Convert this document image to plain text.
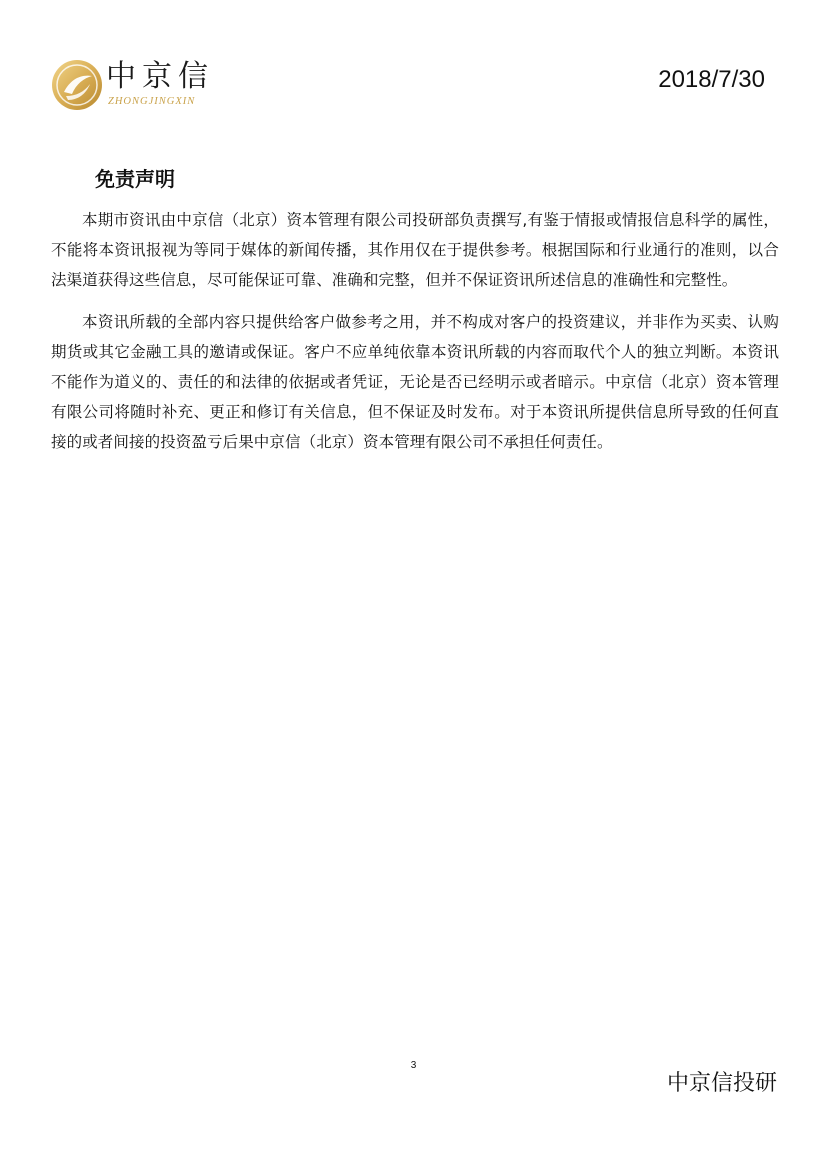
中京信
ZHONGJINGXIN
2018/7/30
免责声明

本期市资讯由中京信（北京）资本管理有限公司投研部负责撰写,有鉴于情报或情报信息科学的属性，不能将本资讯报视为等同于媒体的新闻传播，其作用仅在于提供参考。根据国际和行业通行的准则，以合法渠道获得这些信息，尽可能保证可靠、准确和完整，但并不保证资讯所述信息的准确性和完整性。

本资讯所载的全部内容只提供给客户做参考之用，并不构成对客户的投资建议，并非作为买卖、认购期货或其它金融工具的邀请或保证。客户不应单纯依靠本资讯所载的内容而取代个人的独立判断。本资讯不能作为道义的、责任的和法律的依据或者凭证，无论是否已经明示或者暗示。中京信（北京）资本管理有限公司将随时补充、更正和修订有关信息，但不保证及时发布。对于本资讯所提供信息所导致的任何直接的或者间接的投资盈亏后果中京信（北京）资本管理有限公司不承担任何责任。

3
中京信投研
